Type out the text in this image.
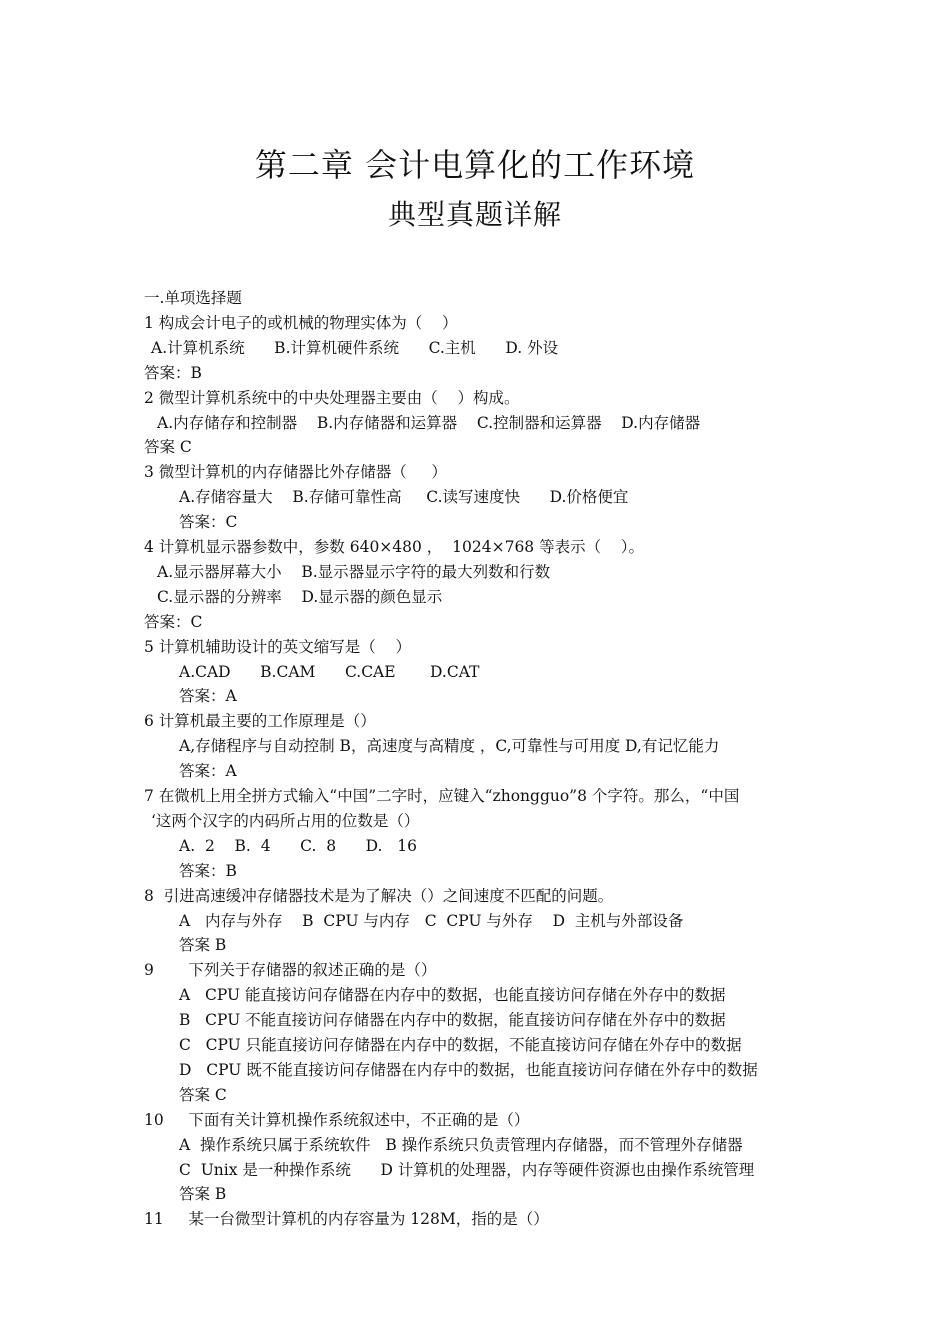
第二章 会计电算化的工作环境
典型真题详解
一.单项选择题
1 构成会计电子的或机械的物理实体为（    ）
A.计算机系统      B.计算机硬件系统      C.主机      D. 外设
答案：B
2 微型计算机系统中的中央处理器主要由（    ）构成。
A.内存储存和控制器    B.内存储器和运算器    C.控制器和运算器    D.内存储器
答案 C
3 微型计算机的内存储器比外存储器（     ）
A.存储容量大    B.存储可靠性高     C.读写速度快      D.价格便宜
答案：C
4 计算机显示器参数中，参数 640×480 ，  1024×768 等表示（    ）。
A.显示器屏幕大小    B.显示器显示字符的最大列数和行数
C.显示器的分辨率    D.显示器的颜色显示
答案：C
5 计算机辅助设计的英文缩写是（    ）
A.CAD      B.CAM      C.CAE       D.CAT
答案：A
6 计算机最主要的工作原理是（）
A,存储程序与自动控制 B，高速度与高精度 ，C,可靠性与可用度 D,有记忆能力
答案：A
7 在微机上用全拼方式输入“中国”二字时，应键入“zhongguo”8 个字符。那么，“中国
‘这两个汉字的内码所占用的位数是（）
A.  2    B.  4      C.  8      D.   16
答案：B
8  引进高速缓冲存储器技术是为了解决（）之间速度不匹配的问题。
A   内存与外存    B  CPU 与内存   C  CPU 与外存    D  主机与外部设备
答案 B
9       下列关于存储器的叙述正确的是（）
A   CPU 能直接访问存储器在内存中的数据，也能直接访问存储在外存中的数据
B   CPU 不能直接访问存储器在内存中的数据，能直接访问存储在外存中的数据
C   CPU 只能直接访问存储器在内存中的数据，不能直接访问存储在外存中的数据
D   CPU 既不能直接访问存储器在内存中的数据，也能直接访问存储在外存中的数据
答案 C
10     下面有关计算机操作系统叙述中，不正确的是（）
A  操作系统只属于系统软件   B 操作系统只负责管理内存储器，而不管理外存储器
C  Unix 是一种操作系统      D 计算机的处理器，内存等硬件资源也由操作系统管理
答案 B
11     某一台微型计算机的内存容量为 128M，指的是（）
